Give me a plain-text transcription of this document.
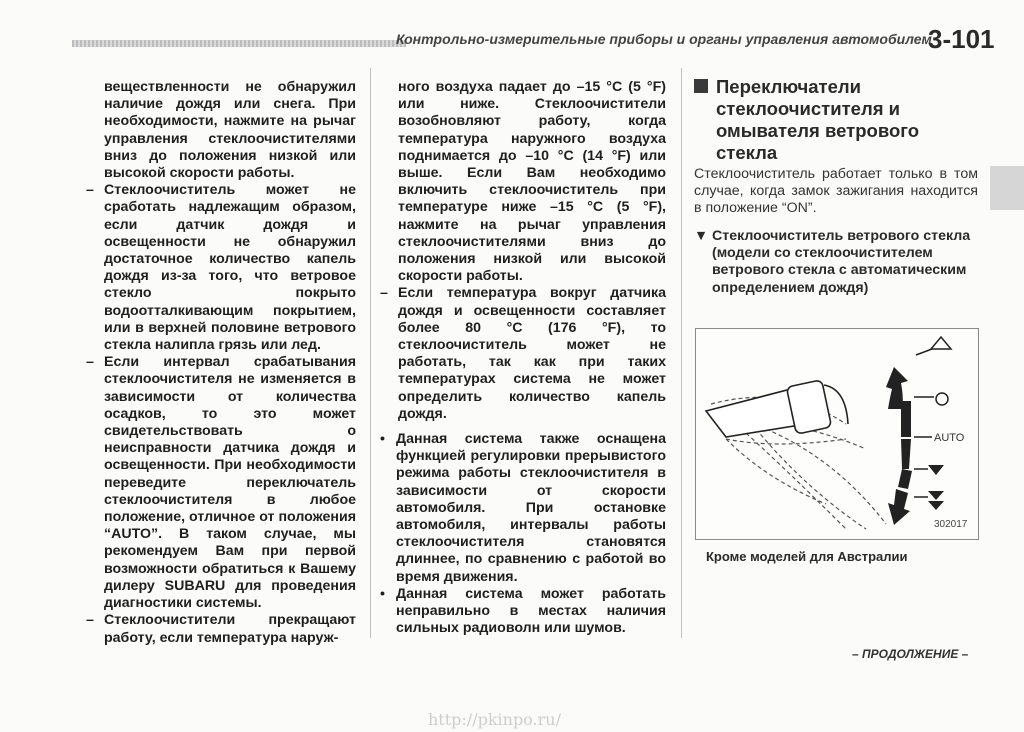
Контрольно-измерительные приборы и органы управления автомобилем
3-101

веществленности не обнаружил наличие дождя или снега. При необходимости, нажмите на рычаг управления стеклоочистителями вниз до положения низкой или высокой скорости работы.

– Стеклоочиститель может не сработать надлежащим образом, если датчик дождя и освещенности не обнаружил достаточное количество капель дождя из-за того, что ветровое стекло покрыто водоотталкивающим покрытием, или в верхней половине ветрового стекла налипла грязь или лед.
– Если интервал срабатывания стеклоочистителя не изменяется в зависимости от количества осадков, то это может свидетельствовать о неисправности датчика дождя и освещенности. При необходимости переведите переключатель стеклоочистителя в любое положение, отличное от положения “AUTO”. В таком случае, мы рекомендуем Вам при первой возможности обратиться к Вашему дилеру SUBARU для проведения диагностики системы.
– Стеклоочистители прекращают работу, если температура наруж-

ного воздуха падает до –15 °C (5 °F) или ниже. Стеклоочистители возобновляют работу, когда температура наружного воздуха поднимается до –10 °C (14 °F) или выше. Если Вам необходимо включить стеклоочиститель при температуре ниже –15 °C (5 °F), нажмите на рычаг управления стеклоочистителями вниз до положения низкой или высокой скорости работы.

– Если температура вокруг датчика дождя и освещенности составляет более 80 °C (176 °F), то стеклоочиститель может не работать, так как при таких температурах система не может определить количество капель дождя.
• Данная система также оснащена функцией регулировки прерывистого режима работы стеклоочистителя в зависимости от скорости автомобиля. При остановке автомобиля, интервалы работы стеклоочистителя становятся длиннее, по сравнению с работой во время движения.
• Данная система может работать неправильно в местах наличия сильных радиоволн или шумов.
Переключатели стеклоочистителя и омывателя ветрового стекла
Стеклоочиститель работает только в том случае, когда замок зажигания находится в положение “ON”.
▼ Стеклоочиститель ветрового стекла (модели со стеклоочистителем ветрового стекла с автоматическим определением дождя)
AUTO
302017
Кроме моделей для Австралии
– ПРОДОЛЖЕНИЕ –
http://pkinpo.ru/
